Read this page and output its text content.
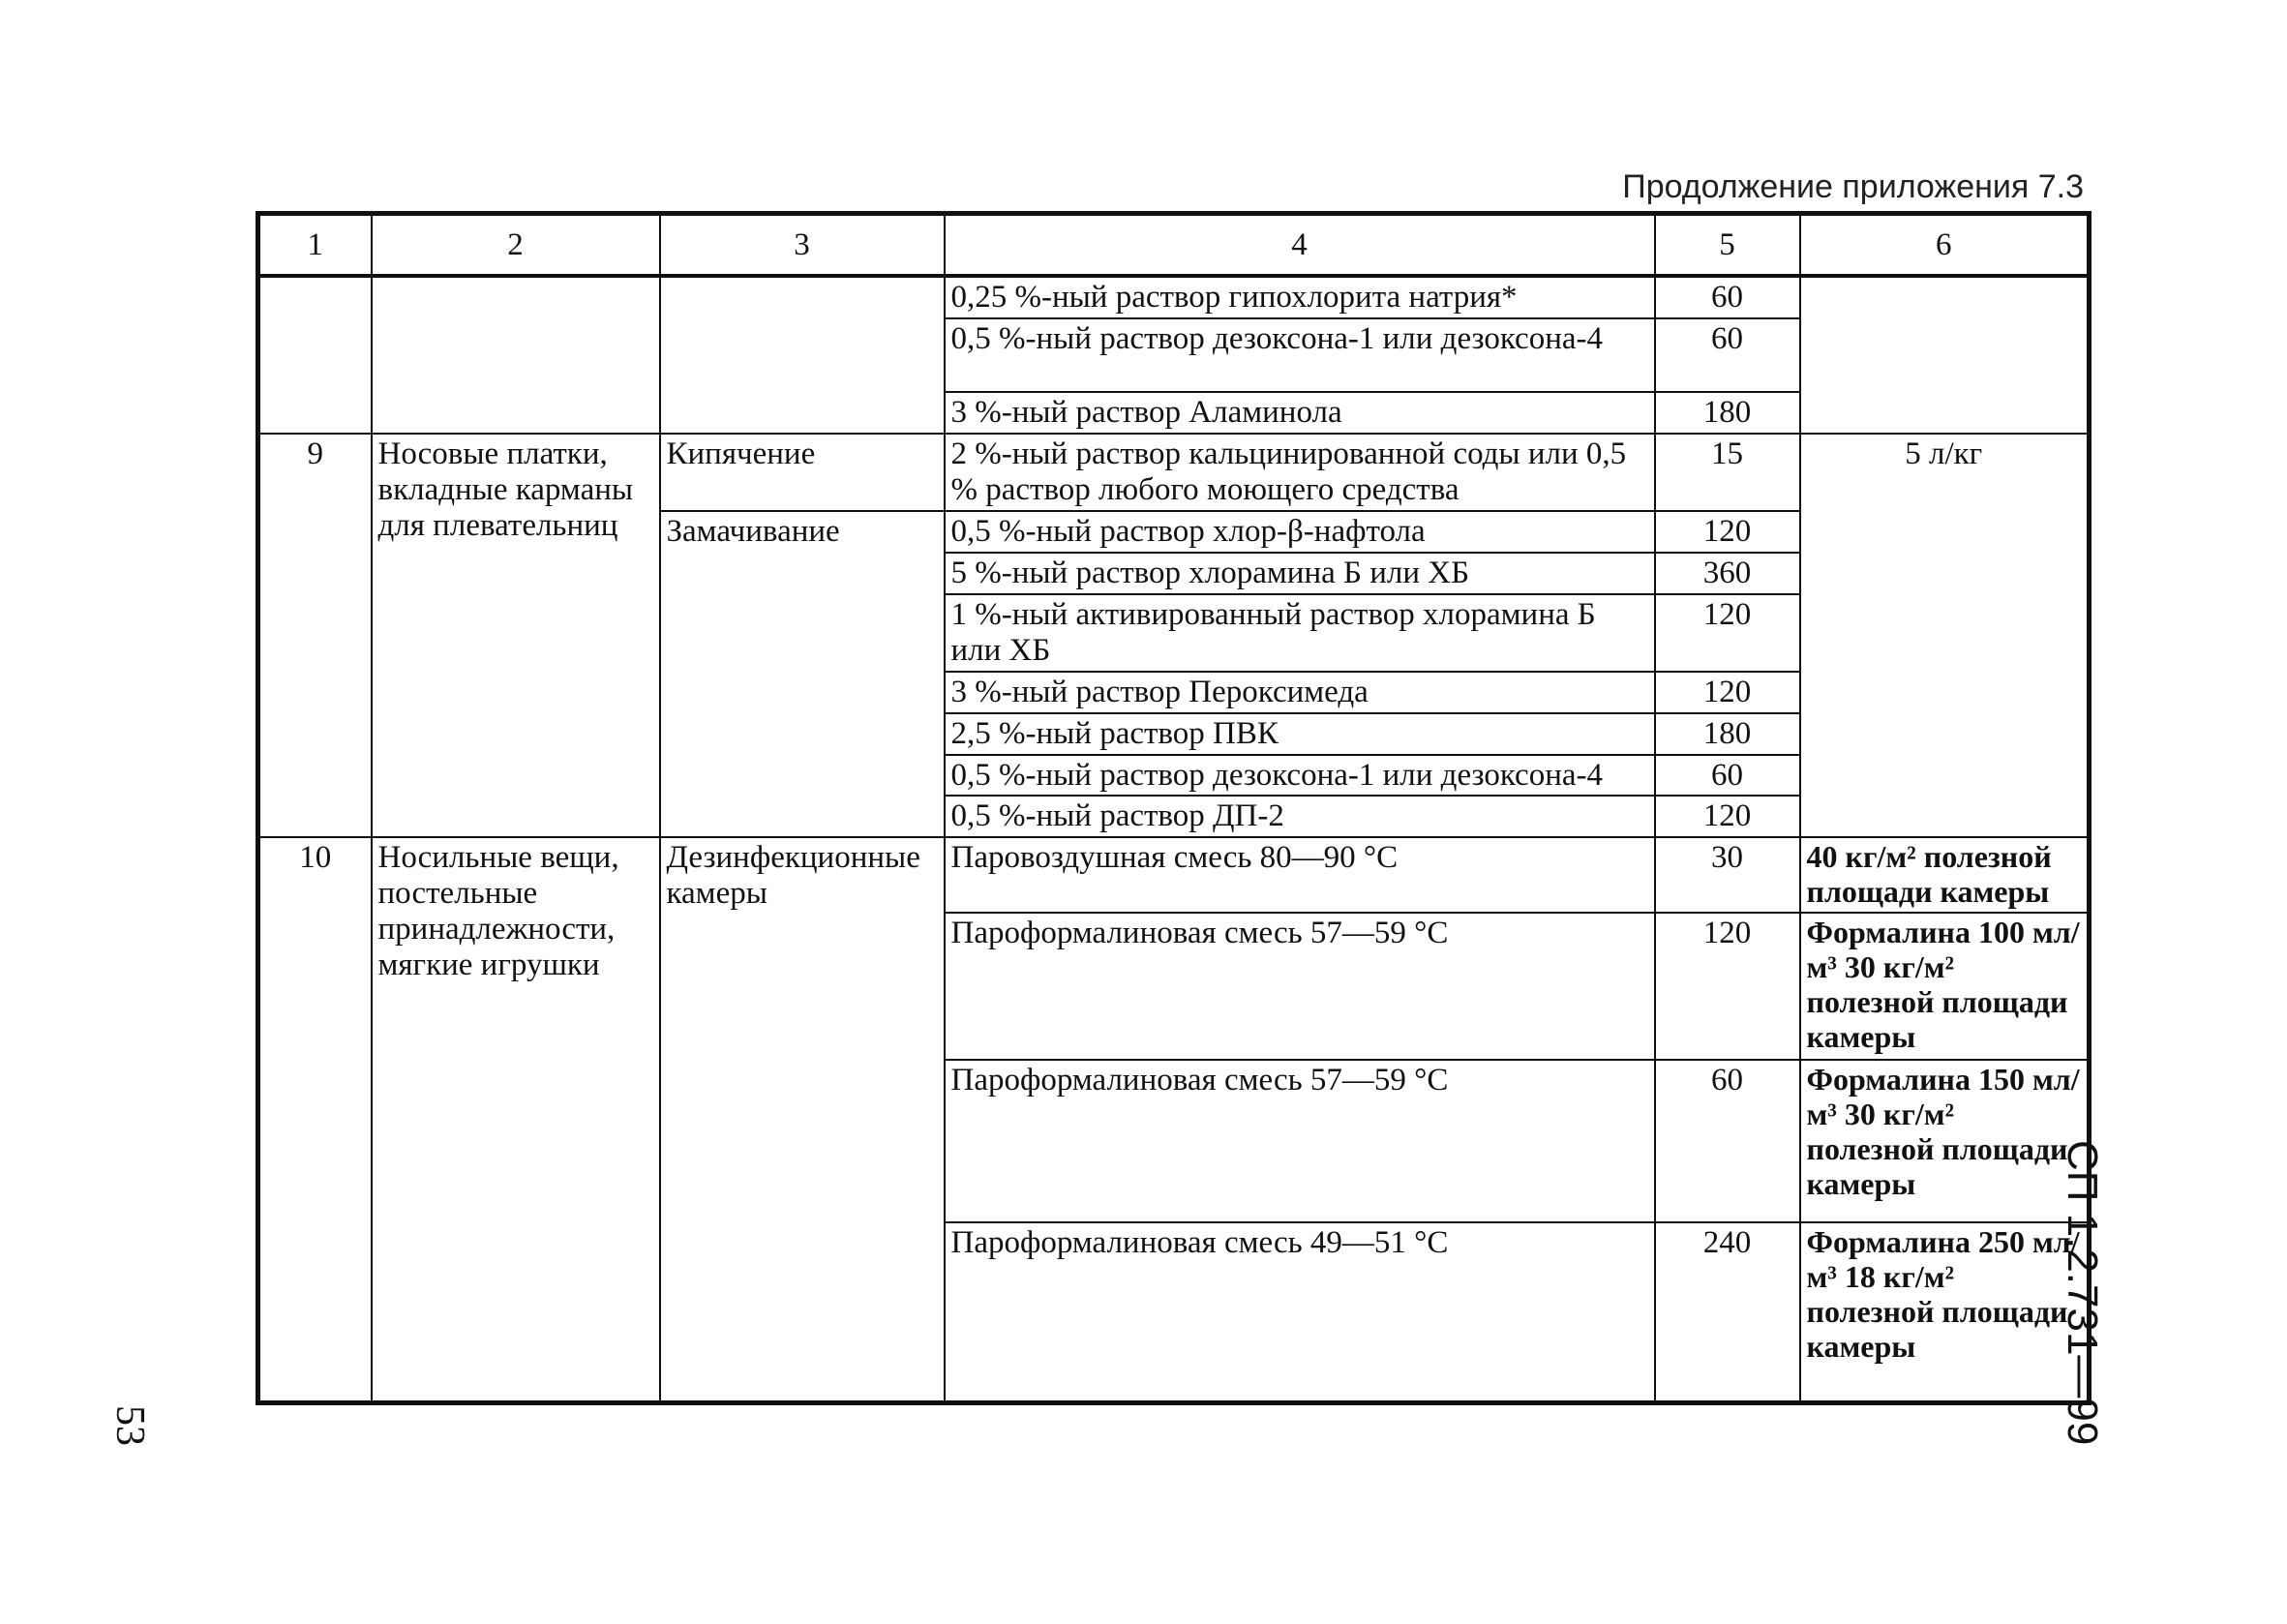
Продолжение приложения 7.3
1	2	3	4	5	6
			0,25 %-ный раствор гипохлорита натрия*	60	
			0,5 %-ный раствор дезоксона-1 или дезоксона-4	60	
			3 %-ный раствор Аламинола	180	
9	Носовые платки, вкладные карманы для плевательниц	Кипячение	2 %-ный раствор кальцинированной соды или 0,5 % раствор любого моющего средства	15	5 л/кг
		Замачивание	0,5 %-ный раствор хлор-β-нафтола	120	
			5 %-ный раствор хлорамина Б или ХБ	360	
			1 %-ный активированный раствор хлорамина Б или ХБ	120	
			3 %-ный раствор Пероксимеда	120	
			2,5 %-ный раствор ПВК	180	
			0,5 %-ный раствор дезоксона-1 или дезоксона-4	60	
			0,5 %-ный раствор ДП-2	120	
10	Носильные вещи, постельные принадлежности, мягкие игрушки	Дезинфекционные камеры	Паровоздушная смесь 80—90 °С	30	40 кг/м² полезной площади камеры
			Пароформалиновая смесь 57—59 °С	120	Формалина 100 мл/м³ 30 кг/м² полезной площади камеры
			Пароформалиновая смесь 57—59 °С	60	Формалина 150 мл/м³ 30 кг/м² полезной площади камеры
			Пароформалиновая смесь 49—51 °С	240	Формалина 250 мл/м³ 18 кг/м² полезной площади камеры
53	СП 1.2.731—99
